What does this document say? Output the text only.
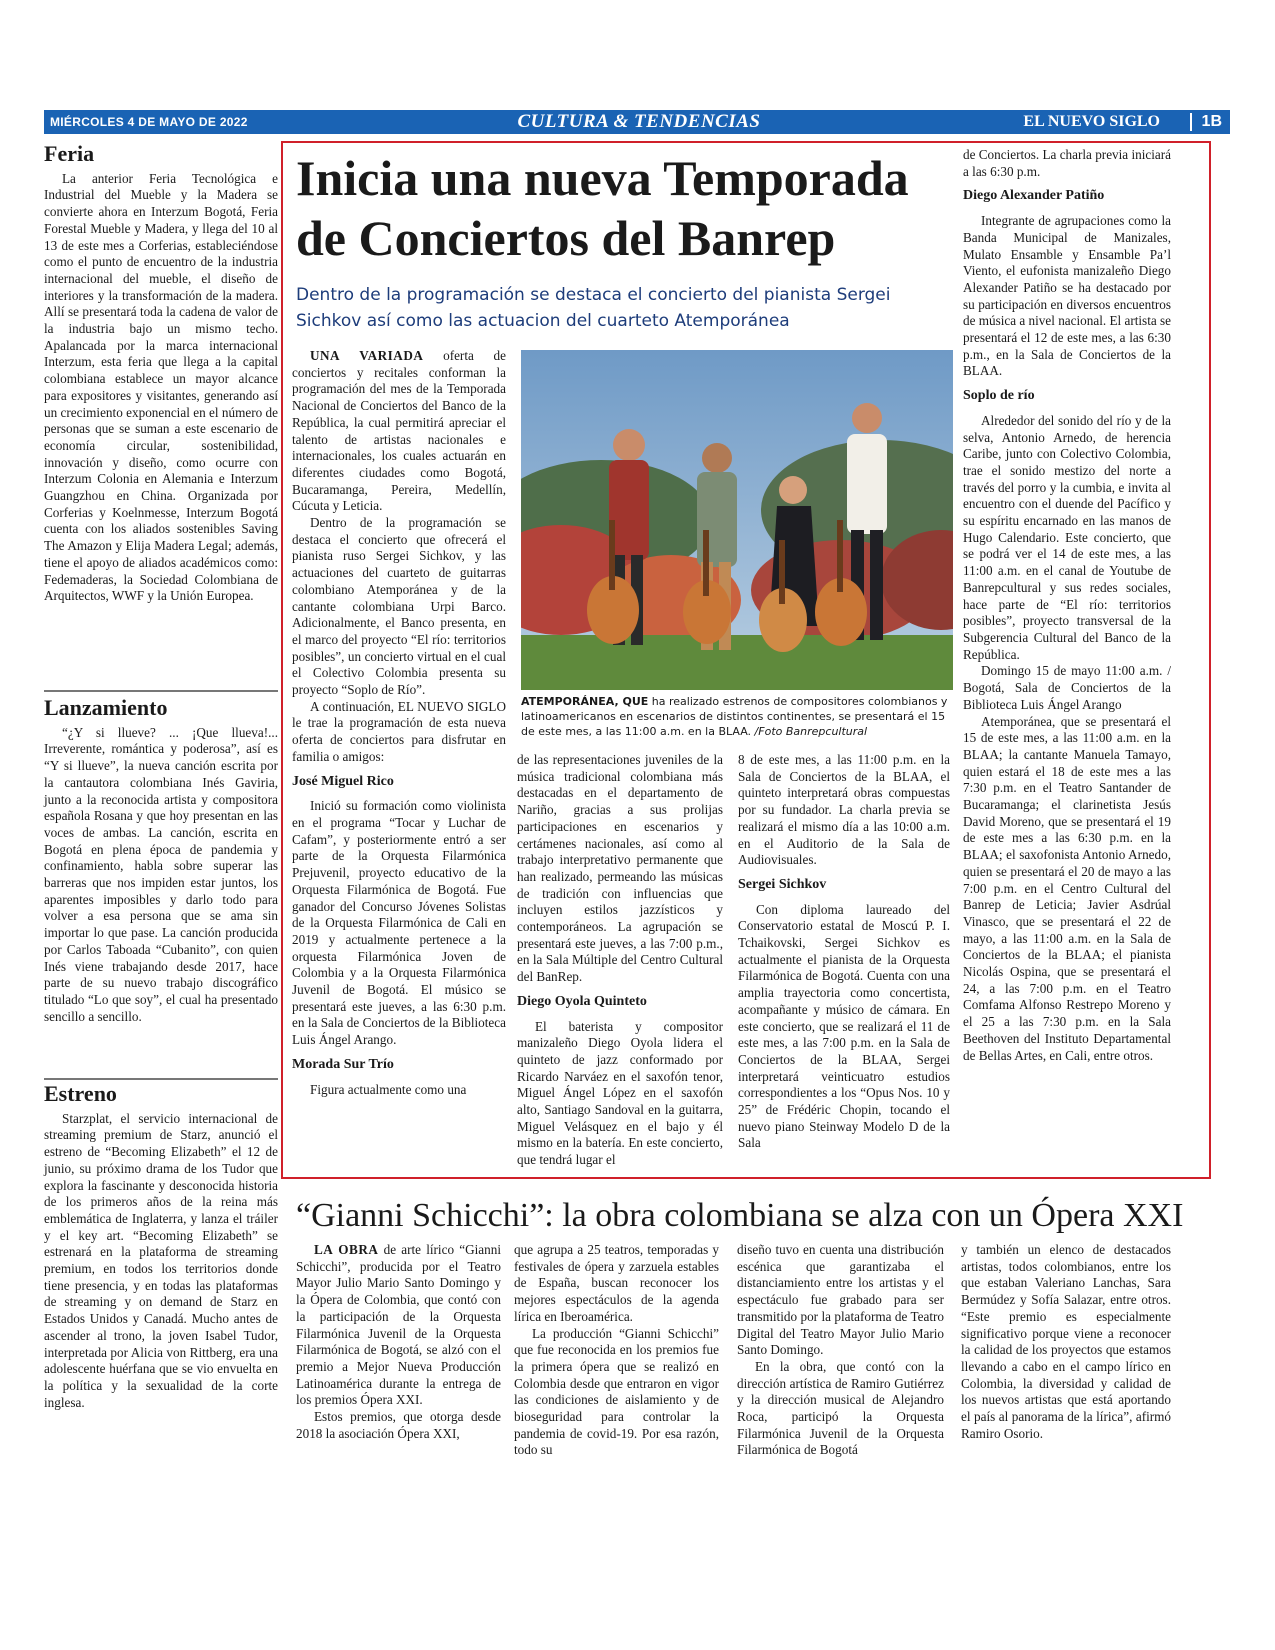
MIÉRCOLES 4 DE MAYO DE 2022	CULTURA & TENDENCIAS	EL NUEVO SIGLO	1B
Feria

La anterior Feria Tecnológica e Industrial del Mueble y la Madera se convierte ahora en Interzum Bogotá, Feria Forestal Mueble y Madera, y llega del 10 al 13 de este mes a Corferias, estableciéndose como el punto de encuentro de la industria internacional del mueble, el diseño de interiores y la transformación de la madera. Allí se presentará toda la cadena de valor de la industria bajo un mismo techo. Apalancada por la marca internacional Interzum, esta feria que llega a la capital colombiana establece un mayor alcance para expositores y visitantes, generando así un crecimiento exponencial en el número de personas que se suman a este escenario de economía circular, sostenibilidad, innovación y diseño, como ocurre con Interzum Colonia en Alemania e Interzum Guangzhou en China. Organizada por Corferias y Koelnmesse, Interzum Bogotá cuenta con los aliados sostenibles Saving The Amazon y Elija Madera Legal; además, tiene el apoyo de aliados académicos como: Fedemaderas, la Sociedad Colombiana de Arquitectos, WWF y la Unión Europea.

Lanzamiento

“¿Y si llueve? ... ¡Que llueva!... Irreverente, romántica y poderosa”, así es “Y si llueve”, la nueva canción escrita por la cantautora colombiana Inés Gaviria, junto a la reconocida artista y compositora española Rosana y que hoy presentan en las voces de ambas. La canción, escrita en Bogotá en plena época de pandemia y confinamiento, habla sobre superar las barreras que nos impiden estar juntos, los aparentes imposibles y darlo todo para volver a esa persona que se ama sin importar lo que pase. La canción producida por Carlos Taboada “Cubanito”, con quien Inés viene trabajando desde 2017, hace parte de su nuevo trabajo discográfico titulado “Lo que soy”, el cual ha presentado sencillo a sencillo.

Estreno

Starzplat, el servicio internacional de streaming premium de Starz, anunció el estreno de “Becoming Elizabeth” el 12 de junio, su próximo drama de los Tudor que explora la fascinante y desconocida historia de los primeros años de la reina más emblemática de Inglaterra, y lanza el tráiler y el key art. “Becoming Elizabeth” se estrenará en la plataforma de streaming premium, en todos los territorios donde tiene presencia, y en todas las plataformas de streaming y on demand de Starz en Estados Unidos y Canadá. Mucho antes de ascender al trono, la joven Isabel Tudor, interpretada por Alicia von Rittberg, era una adolescente huérfana que se vio envuelta en la política y la sexualidad de la corte inglesa.

Inicia una nueva Temporada de Conciertos del Banrep
Dentro de la programación se destaca el concierto del pianista Sergei Sichkov así como las actuacion del cuarteto Atemporánea
ATEMPORÁNEA, QUE ha realizado estrenos de compositores colombianos y latinoamericanos en escenarios de distintos continentes, se presentará el 15 de este mes, a las 11:00 a.m. en la BLAA. /Foto Banrepcultural

UNA VARIADA oferta de conciertos y recitales conforman la programación del mes de la Temporada Nacional de Conciertos del Banco de la República, la cual permitirá apreciar el talento de artistas nacionales e internacionales, los cuales actuarán en diferentes ciudades como Bogotá, Bucaramanga, Pereira, Medellín, Cúcuta y Leticia.

Dentro de la programación se destaca el concierto que ofrecerá el pianista ruso Sergei Sichkov, y las actuaciones del cuarteto de guitarras colombiano Atemporánea y de la cantante colombiana Urpi Barco. Adicionalmente, el Banco presenta, en el marco del proyecto “El río: territorios posibles”, un concierto virtual en el cual el Colectivo Colombia presenta su proyecto “Soplo de Río”.

A continuación, EL NUEVO SIGLO le trae la programación de esta nueva oferta de conciertos para disfrutar en familia o amigos:

José Miguel Rico

Inició su formación como violinista en el programa “Tocar y Luchar de Cafam”, y posteriormente entró a ser parte de la Orquesta Filarmónica Prejuvenil, proyecto educativo de la Orquesta Filarmónica de Bogotá. Fue ganador del Concurso Jóvenes Solistas de la Orquesta Filarmónica de Cali en 2019 y actualmente pertenece a la orquesta Filarmónica Joven de Colombia y a la Orquesta Filarmónica Juvenil de Bogotá. El músico se presentará este jueves, a las 6:30 p.m. en la Sala de Conciertos de la Biblioteca Luis Ángel Arango.

Morada Sur Trío

Figura actualmente como una

de las representaciones juveniles de la música tradicional colombiana más destacadas en el departamento de Nariño, gracias a sus prolijas participaciones en escenarios y certámenes nacionales, así como al trabajo interpretativo permanente que han realizado, permeando las músicas de tradición con influencias que incluyen estilos jazzísticos y contemporáneos. La agrupación se presentará este jueves, a las 7:00 p.m., en la Sala Múltiple del Centro Cultural del BanRep.

Diego Oyola Quinteto

El baterista y compositor manizaleño Diego Oyola lidera el quinteto de jazz conformado por Ricardo Narváez en el saxofón tenor, Miguel Ángel López en el saxofón alto, Santiago Sandoval en la guitarra, Miguel Velásquez en el bajo y él mismo en la batería. En este concierto, que tendrá lugar el

8 de este mes, a las 11:00 p.m. en la Sala de Conciertos de la BLAA, el quinteto interpretará obras compuestas por su fundador. La charla previa se realizará el mismo día a las 10:00 a.m. en el Auditorio de la Sala de Audiovisuales.

Sergei Sichkov

Con diploma laureado del Conservatorio estatal de Moscú P. I. Tchaikovski, Sergei Sichkov es actualmente el pianista de la Orquesta Filarmónica de Bogotá. Cuenta con una amplia trayectoria como concertista, acompañante y músico de cámara. En este concierto, que se realizará el 11 de este mes, a las 7:00 p.m. en la Sala de Conciertos de la BLAA, Sergei interpretará veinticuatro estudios correspondientes a los “Opus Nos. 10 y 25” de Frédéric Chopin, tocando el nuevo piano Steinway Modelo D de la Sala

de Conciertos. La charla previa iniciará a las 6:30 p.m.

Diego Alexander Patiño

Integrante de agrupaciones como la Banda Municipal de Manizales, Mulato Ensamble y Ensamble Pa’l Viento, el eufonista manizaleño Diego Alexander Patiño se ha destacado por su participación en diversos encuentros de música a nivel nacional. El artista se presentará el 12 de este mes, a las 6:30 p.m., en la Sala de Conciertos de la BLAA.

Soplo de río

Alrededor del sonido del río y de la selva, Antonio Arnedo, de herencia Caribe, junto con Colectivo Colombia, trae el sonido mestizo del norte a través del porro y la cumbia, e invita al encuentro con el duende del Pacífico y su espíritu encarnado en las manos de Hugo Calendario. Este concierto, que se podrá ver el 14 de este mes, a las 11:00 a.m. en el canal de Youtube de Banrepcultural y sus redes sociales, hace parte de “El río: territorios posibles”, proyecto transversal de la Subgerencia Cultural del Banco de la República.

Domingo 15 de mayo 11:00 a.m. / Bogotá, Sala de Conciertos de la Biblioteca Luis Ángel Arango

Atemporánea, que se presentará el 15 de este mes, a las 11:00 a.m. en la BLAA; la cantante Manuela Tamayo, quien estará el 18 de este mes a las 7:30 p.m. en el Teatro Santander de Bucaramanga; el clarinetista Jesús David Moreno, que se presentará el 19 de este mes a las 6:30 p.m. en la BLAA; el saxofonista Antonio Arnedo, quien se presentará el 20 de mayo a las 7:00 p.m. en el Centro Cultural del Banrep de Leticia; Javier Asdrúal Vinasco, que se presentará el 22 de mayo, a las 11:00 a.m. en la Sala de Conciertos de la BLAA; el pianista Nicolás Ospina, que se presentará el 24, a las 7:00 p.m. en el Teatro Comfama Alfonso Restrepo Moreno y el 25 a las 7:30 p.m. en la Sala Beethoven del Instituto Departamental de Bellas Artes, en Cali, entre otros.

“Gianni Schicchi”: la obra colombiana se alza con un Ópera XXI

LA OBRA de arte lírico “Gianni Schicchi”, producida por el Teatro Mayor Julio Mario Santo Domingo y la Ópera de Colombia, que contó con la participación de la Orquesta Filarmónica Juvenil de la Orquesta Filarmónica de Bogotá, se alzó con el premio a Mejor Nueva Producción Latinoamérica durante la entrega de los premios Ópera XXI.

Estos premios, que otorga desde 2018 la asociación Ópera XXI,

que agrupa a 25 teatros, temporadas y festivales de ópera y zarzuela estables de España, buscan reconocer los mejores espectáculos de la agenda lírica en Iberoamérica.

La producción “Gianni Schicchi” que fue reconocida en los premios fue la primera ópera que se realizó en Colombia desde que entraron en vigor las condiciones de aislamiento y de bioseguridad para controlar la pandemia de covid-19. Por esa razón, todo su

diseño tuvo en cuenta una distribución escénica que garantizaba el distanciamiento entre los artistas y el espectáculo fue grabado para ser transmitido por la plataforma de Teatro Digital del Teatro Mayor Julio Mario Santo Domingo.

En la obra, que contó con la dirección artística de Ramiro Gutiérrez y la dirección musical de Alejandro Roca, participó la Orquesta Filarmónica Juvenil de la Orquesta Filarmónica de Bogotá

y también un elenco de destacados artistas, todos colombianos, entre los que estaban Valeriano Lanchas, Sara Bermúdez y Sofía Salazar, entre otros. “Este premio es especialmente significativo porque viene a reconocer la calidad de los proyectos que estamos llevando a cabo en el campo lírico en Colombia, la diversidad y calidad de los nuevos artistas que está aportando el país al panorama de la lírica”, afirmó Ramiro Osorio.
